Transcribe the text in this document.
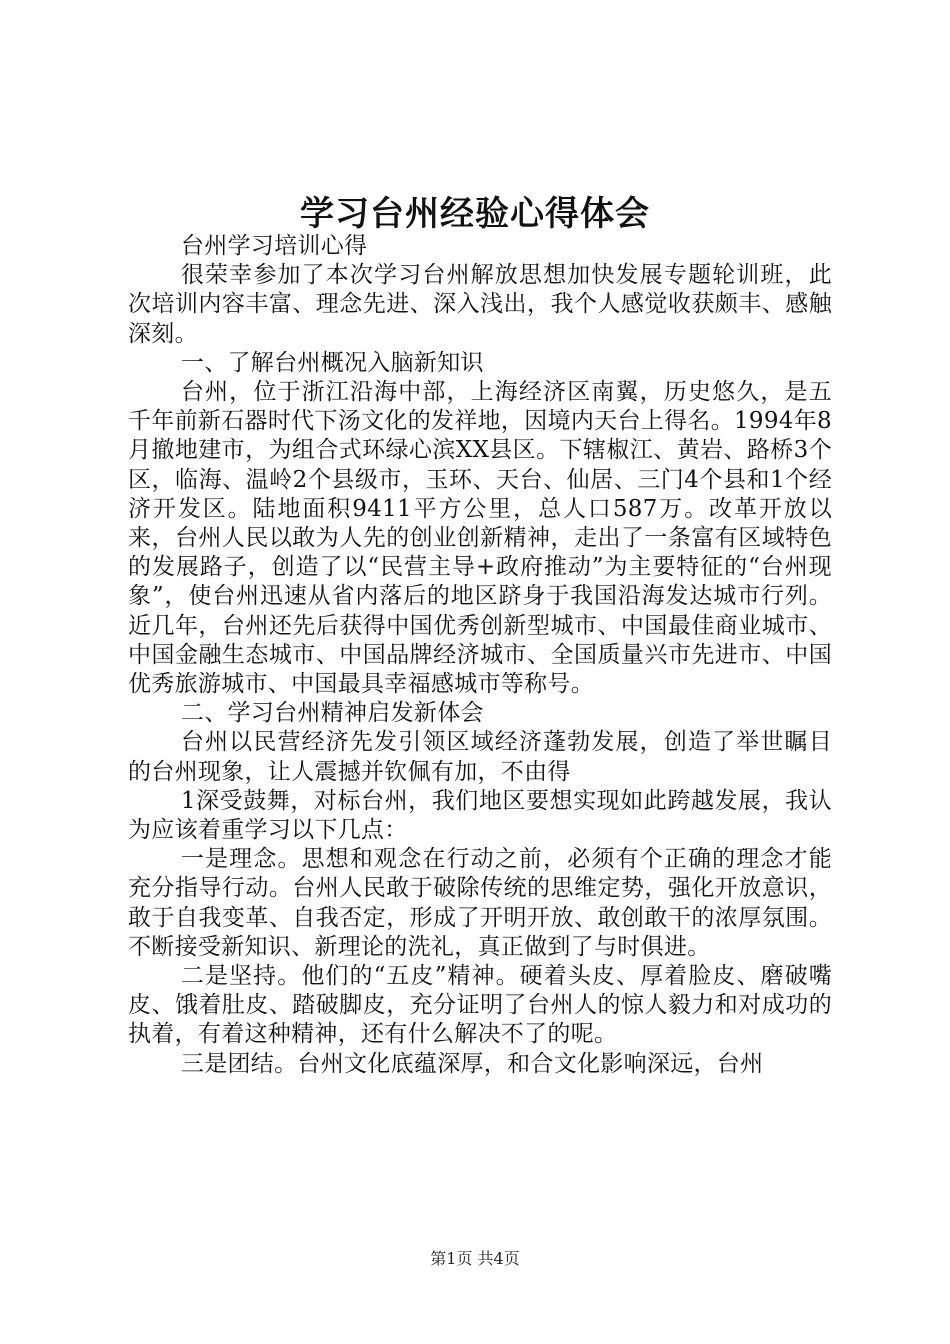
学习台州经验心得体会

台州学习培训心得

很荣幸参加了本次学习台州解放思想加快发展专题轮训班，此次培训内容丰富、理念先进、深入浅出，我个人感觉收获颇丰、感触深刻。

一、了解台州概况入脑新知识

台州，位于浙江沿海中部，上海经济区南翼，历史悠久，是五千年前新石器时代下汤文化的发祥地，因境内天台上得名。1994年8月撤地建市，为组合式环绿心滨XX县区。下辖椒江、黄岩、路桥3个区，临海、温岭2个县级市，玉环、天台、仙居、三门4个县和1个经济开发区。陆地面积9411平方公里，总人口587万。改革开放以来，台州人民以敢为人先的创业创新精神，走出了一条富有区域特色的发展路子，创造了以“民营主导+政府推动”为主要特征的“台州现象”，使台州迅速从省内落后的地区跻身于我国沿海发达城市行列。近几年，台州还先后获得中国优秀创新型城市、中国最佳商业城市、中国金融生态城市、中国品牌经济城市、全国质量兴市先进市、中国优秀旅游城市、中国最具幸福感城市等称号。

二、学习台州精神启发新体会

台州以民营经济先发引领区域经济蓬勃发展，创造了举世瞩目的台州现象，让人震撼并钦佩有加，不由得

1深受鼓舞，对标台州，我们地区要想实现如此跨越发展，我认为应该着重学习以下几点：

一是理念。思想和观念在行动之前，必须有个正确的理念才能充分指导行动。台州人民敢于破除传统的思维定势，强化开放意识，敢于自我变革、自我否定，形成了开明开放、敢创敢干的浓厚氛围。不断接受新知识、新理论的洗礼，真正做到了与时俱进。

二是坚持。他们的“五皮”精神。硬着头皮、厚着脸皮、磨破嘴皮、饿着肚皮、踏破脚皮，充分证明了台州人的惊人毅力和对成功的执着，有着这种精神，还有什么解决不了的呢。

三是团结。台州文化底蕴深厚，和合文化影响深远，台州

第1页 共4页
